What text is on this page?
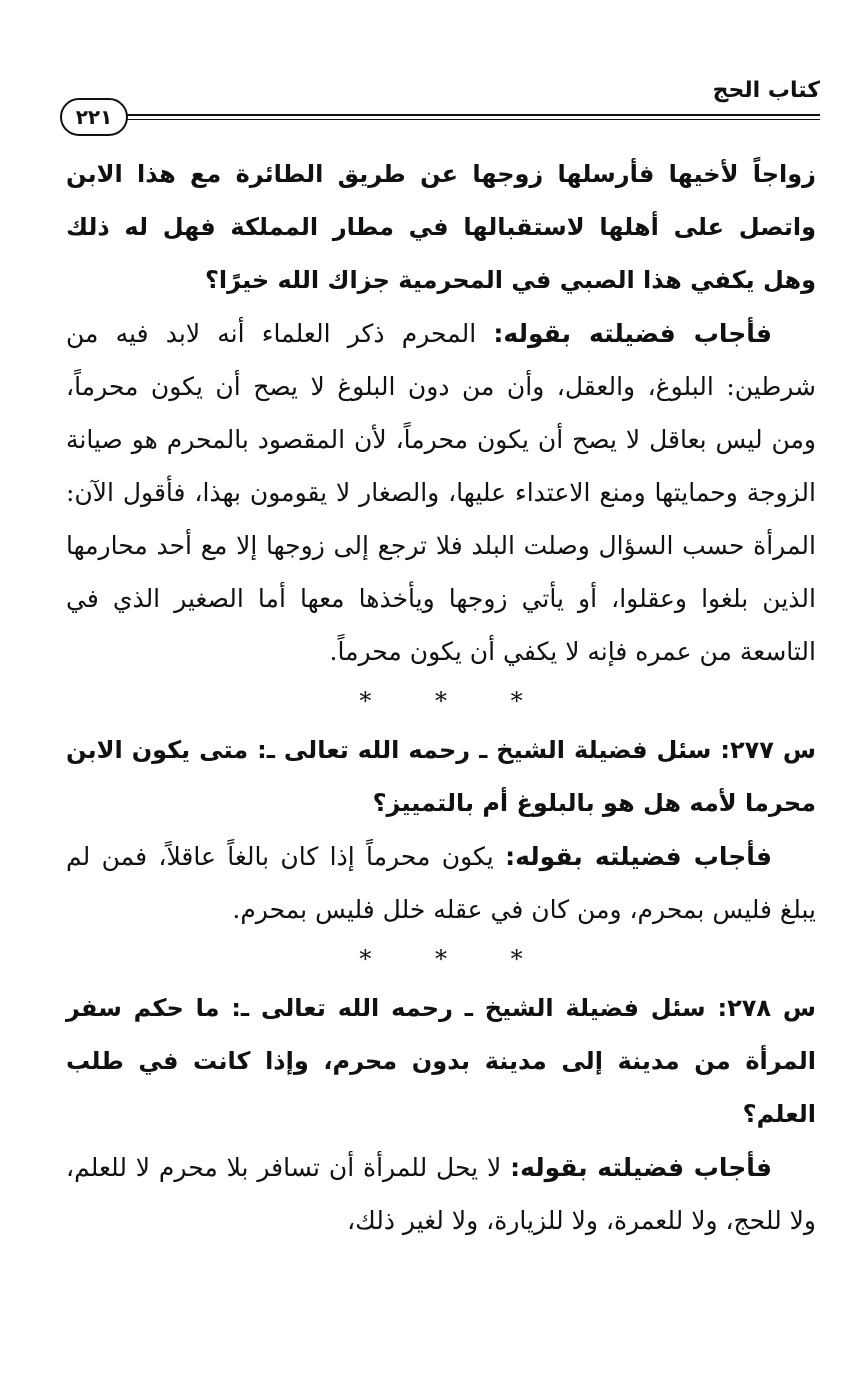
كتاب الحج
٢٢١

زواجاً لأخيها فأرسلها زوجها عن طريق الطائرة مع هذا الابن واتصل على أهلها لاستقبالها في مطار المملكة فهل له ذلك وهل يكفي هذا الصبي في المحرمية جزاك الله خيرًا؟

فأجاب فضيلته بقوله: المحرم ذكر العلماء أنه لابد فيه من شرطين: البلوغ، والعقل، وأن من دون البلوغ لا يصح أن يكون محرماً، ومن ليس بعاقل لا يصح أن يكون محرماً، لأن المقصود بالمحرم هو صيانة الزوجة وحمايتها ومنع الاعتداء عليها، والصغار لا يقومون بهذا، فأقول الآن: المرأة حسب السؤال وصلت البلد فلا ترجع إلى زوجها إلا مع أحد محارمها الذين بلغوا وعقلوا، أو يأتي زوجها ويأخذها معها أما الصغير الذي في التاسعة من عمره فإنه لا يكفي أن يكون محرماً.

* * *

س ٢٧٧: سئل فضيلة الشيخ ـ رحمه الله تعالى ـ: متى يكون الابن محرما لأمه هل هو بالبلوغ أم بالتمييز؟

فأجاب فضيلته بقوله: يكون محرماً إذا كان بالغاً عاقلاً، فمن لم يبلغ فليس بمحرم، ومن كان في عقله خلل فليس بمحرم.

* * *

س ٢٧٨: سئل فضيلة الشيخ ـ رحمه الله تعالى ـ: ما حكم سفر المرأة من مدينة إلى مدينة بدون محرم، وإذا كانت في طلب العلم؟

فأجاب فضيلته بقوله: لا يحل للمرأة أن تسافر بلا محرم لا للعلم، ولا للحج، ولا للعمرة، ولا للزيارة، ولا لغير ذلك،
